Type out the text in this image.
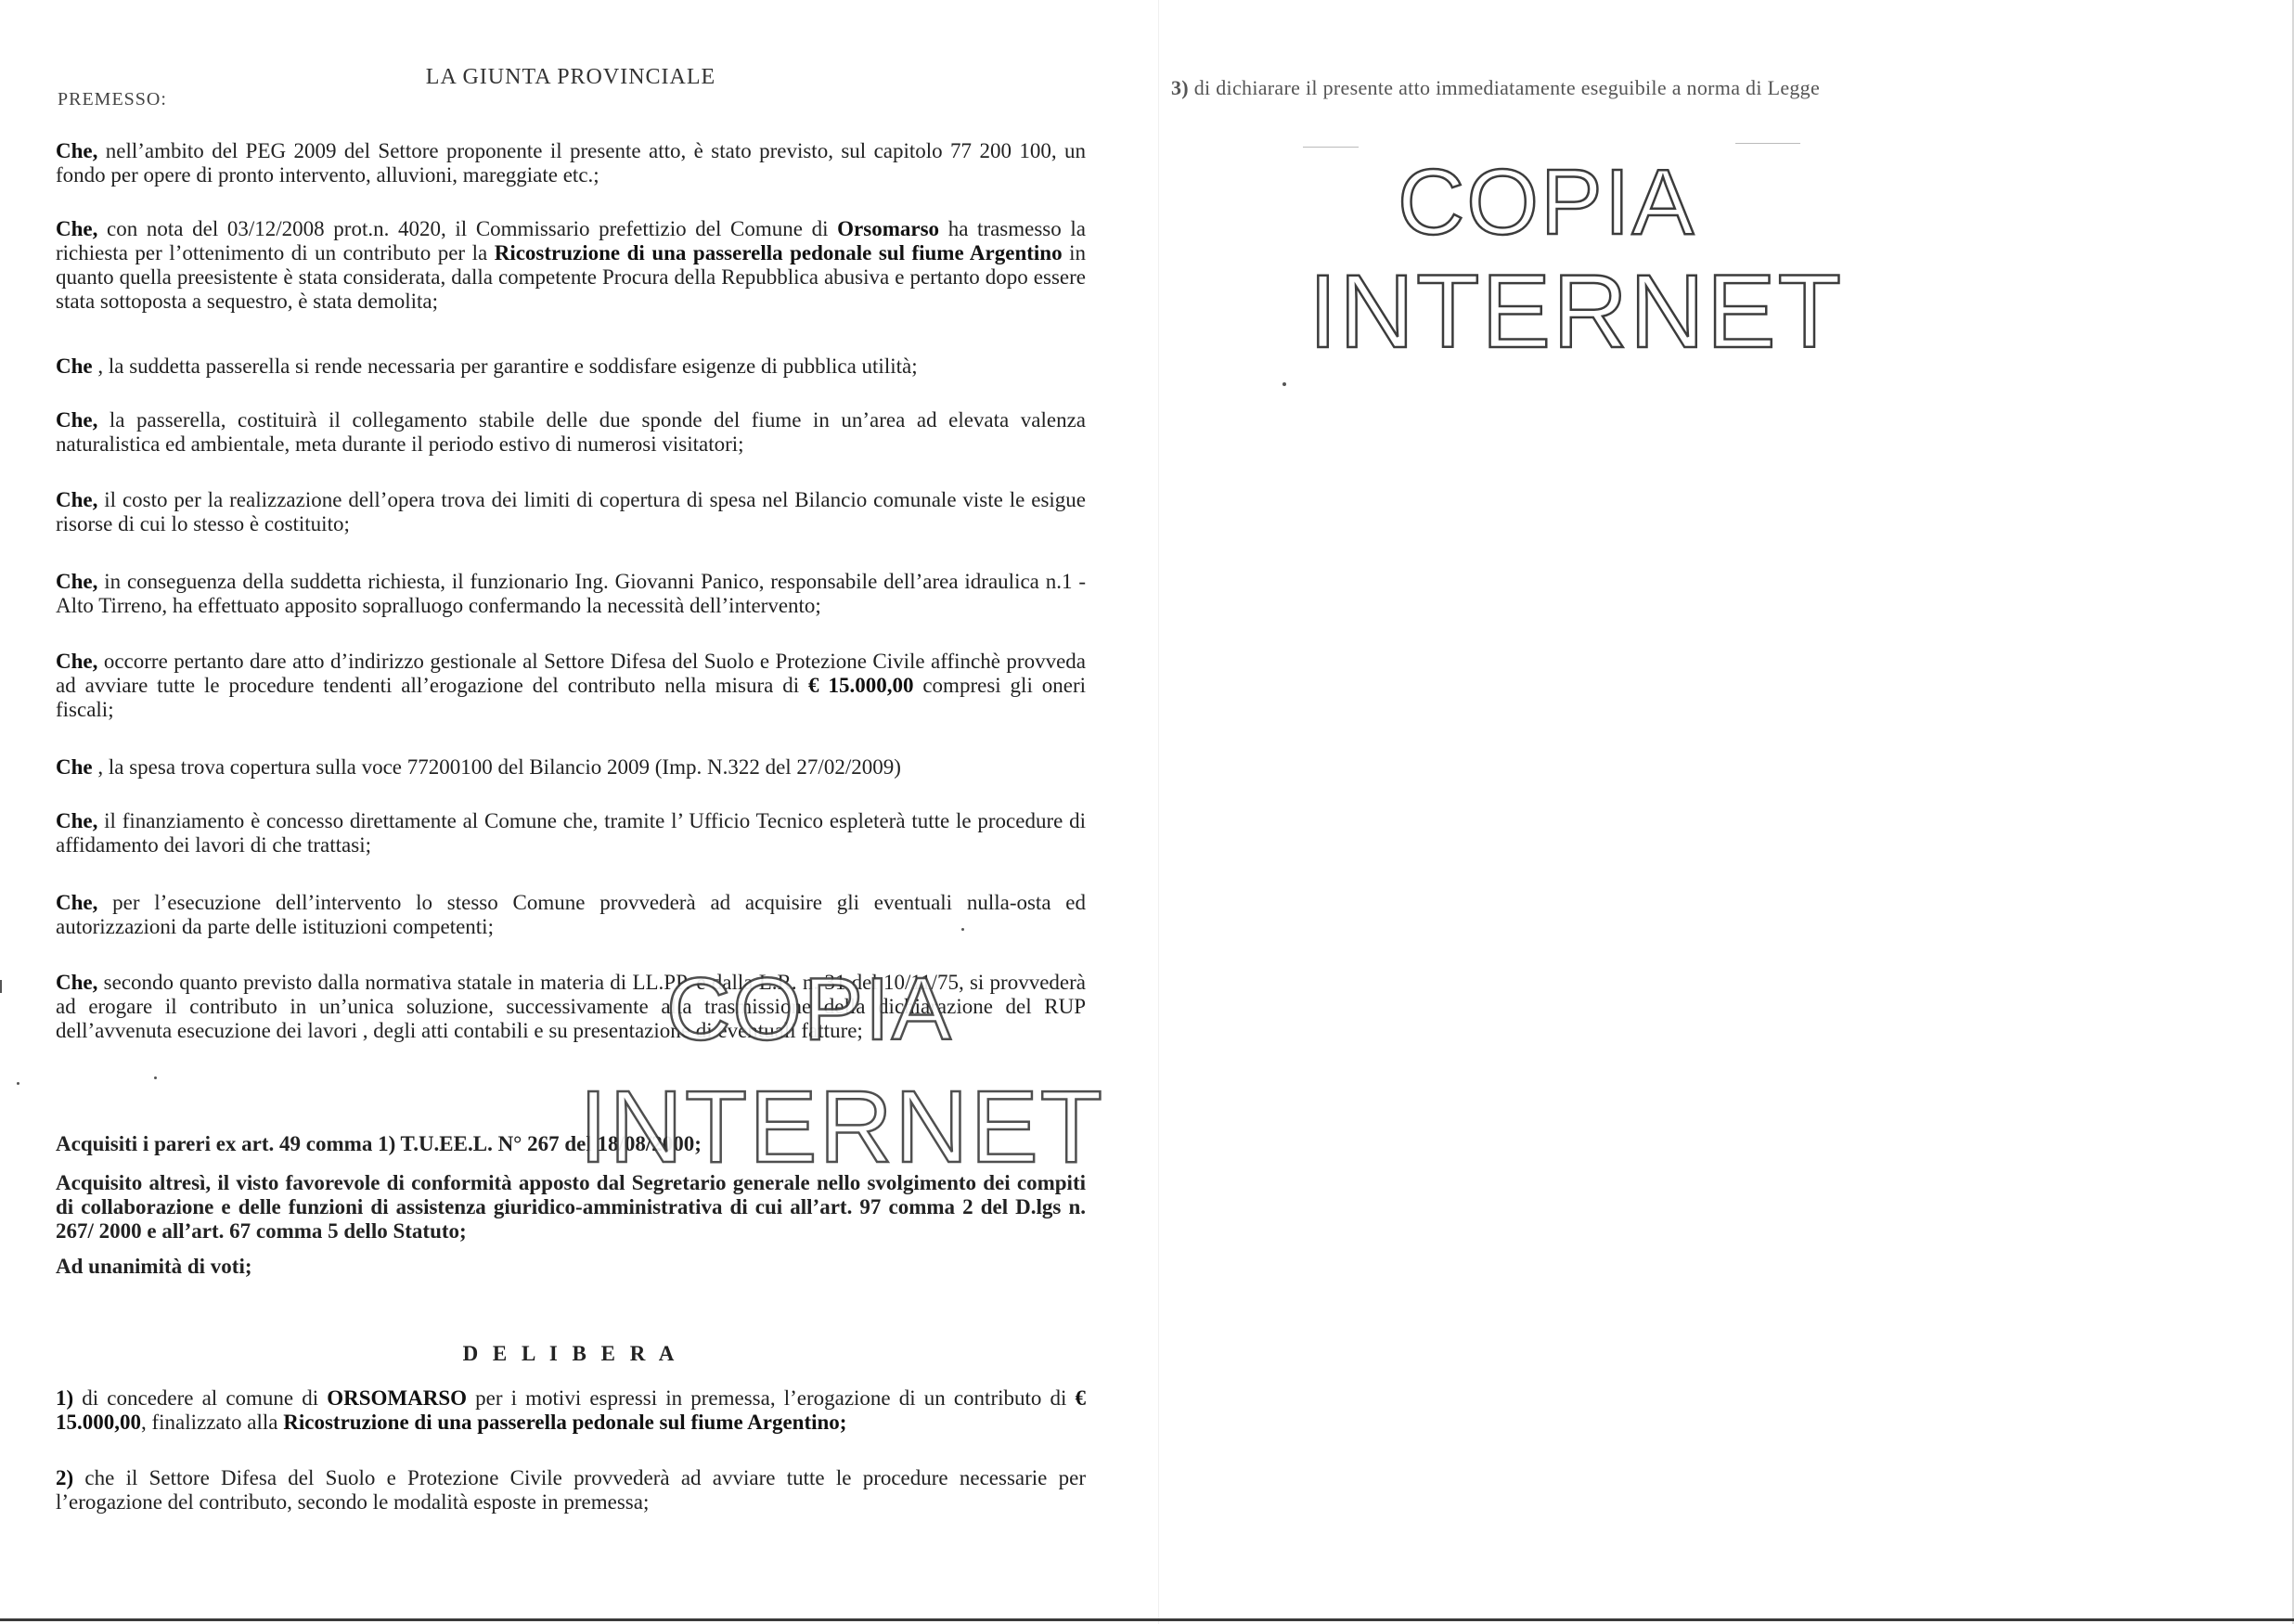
LA GIUNTA PROVINCIALE
PREMESSO:
Che, nell’ambito del PEG 2009 del Settore proponente il presente atto, è stato previsto, sul capitolo 77 200 100, un fondo per opere di pronto intervento, alluvioni, mareggiate etc.;
Che, con nota del 03/12/2008 prot.n. 4020, il Commissario prefettizio del Comune di Orsomarso ha trasmesso la richiesta per l’ottenimento di un contributo per la Ricostruzione di una passerella pedonale sul fiume Argentino in quanto quella preesistente è stata considerata, dalla competente Procura della Repubblica abusiva e pertanto dopo essere stata sottoposta a sequestro, è stata demolita;
Che , la suddetta passerella si rende necessaria per garantire e soddisfare esigenze di pubblica utilità;
Che, la passerella, costituirà il collegamento stabile delle due sponde del fiume in un’area ad elevata valenza naturalistica ed ambientale, meta durante il periodo estivo di numerosi visitatori;
Che, il costo per la realizzazione dell’opera trova dei limiti di copertura di spesa nel Bilancio comunale viste le esigue risorse di cui lo stesso è costituito;
Che, in conseguenza della suddetta richiesta, il funzionario Ing. Giovanni Panico, responsabile dell’area idraulica n.1 - Alto Tirreno, ha effettuato apposito sopralluogo confermando la necessità dell’intervento;
Che, occorre pertanto dare atto d’indirizzo gestionale al Settore Difesa del Suolo e Protezione Civile affinchè provveda ad avviare tutte le procedure tendenti all’erogazione del contributo nella misura di € 15.000,00 compresi gli oneri fiscali;
Che , la spesa trova copertura sulla voce 77200100 del Bilancio 2009 (Imp. N.322 del 27/02/2009)
Che, il finanziamento è concesso direttamente al Comune che, tramite l’ Ufficio Tecnico espleterà tutte le procedure di affidamento dei lavori di che trattasi;
Che, per l’esecuzione dell’intervento lo stesso Comune provvederà ad acquisire gli eventuali nulla-osta ed autorizzazioni da parte delle istituzioni competenti;
Che, secondo quanto previsto dalla normativa statale in materia di LL.PP. e dalla L.R. n. 31 del 10/11/75, si provvederà ad erogare il contributo in un’unica soluzione, successivamente alla trasmissione della dichiarazione del RUP dell’avvenuta esecuzione dei lavori , degli atti contabili e su presentazione di eventuali fatture;
Acquisiti i pareri ex art. 49 comma 1) T.U.EE.L. N° 267 del 18/08/2000;
Acquisito altresì, il visto favorevole di conformità apposto dal Segretario generale nello svolgimento dei compiti di collaborazione e delle funzioni di assistenza giuridico-amministrativa di cui all’art. 97 comma 2 del D.lgs n. 267/ 2000 e all’art. 67 comma 5 dello Statuto;
Ad unanimità di voti;
D E L I B E R A
1) di concedere al comune di ORSOMARSO per i motivi espressi in premessa, l’erogazione di un contributo di € 15.000,00, finalizzato alla Ricostruzione di una passerella pedonale sul fiume Argentino;
2) che il Settore Difesa del Suolo e Protezione Civile provvederà ad avviare tutte le procedure necessarie per l’erogazione del contributo, secondo le modalità esposte in premessa;
3) di dichiarare il presente atto immediatamente eseguibile a norma di Legge
COPIA
INTERNET
COPIA
INTERNET
